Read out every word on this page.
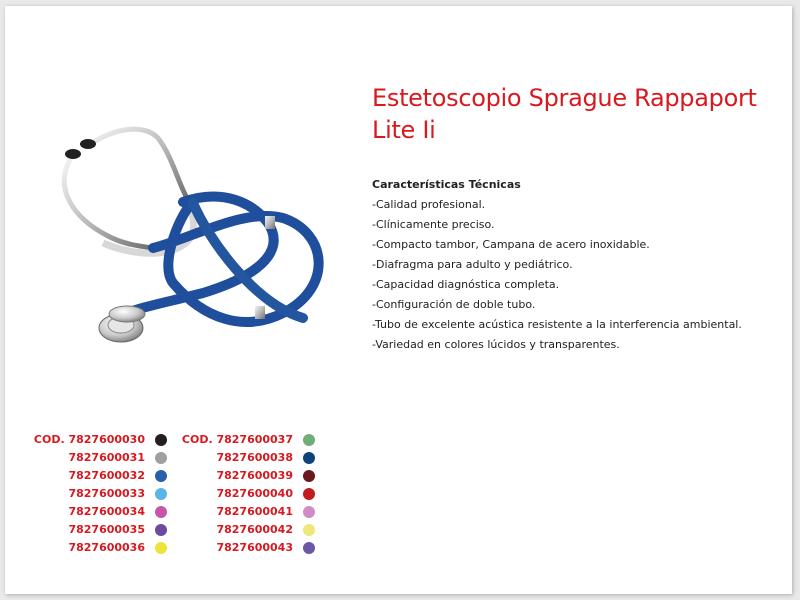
Estetoscopio Sprague Rappaport Lite Ii
Características Técnicas
-Calidad profesional.
-Clínicamente preciso.
-Compacto tambor, Campana de acero inoxidable.
-Diafragma para adulto y pediátrico.
-Capacidad diagnóstica completa.
-Configuración de doble tubo.
-Tubo de excelente acústica resistente a la interferencia ambiental.
-Variedad en colores lúcidos y transparentes.
COD. 7827600030
7827600031
7827600032
7827600033
7827600034
7827600035
7827600036
COD. 7827600037
7827600038
7827600039
7827600040
7827600041
7827600042
7827600043
